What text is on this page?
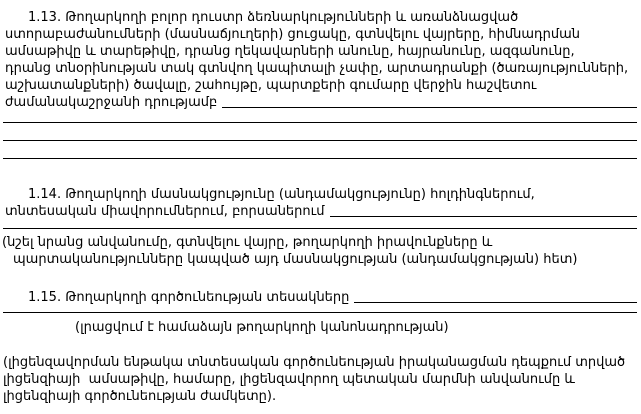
1.13. Թողարկողի բոլոր դուստր ձեռնարկությունների և առանձնացված
ստորաբաժանումների (մասնաճյուղերի) ցուցակը, գտնվելու վայրերը, հիմնադրման
ամսաթիվը և տարեթիվը, դրանց ղեկավարների անունը, հայրանունը, ազգանունը,
դրանց տնօրինության տակ գտնվող կապիտալի չափը, արտադրանքի (ծառայությունների,
աշխատանքների) ծավալը, շահույթը, պարտքերի գումարը վերջին հաշվետու
ժամանակաշրջանի դրությամբ
1.14. Թողարկողի մասնակցությունը (անդամակցությունը) հոլդինգներում,
տնտեսական միավորումներում, բորսաներում
(նշել նրանց անվանումը, գտնվելու վայրը, թողարկողի իրավունքները և
պարտականությունները կապված այդ մասնակցության (անդամակցության) հետ)
1.15. Թողարկողի գործունեության տեսակները
(լրացվում է համաձայն թողարկողի կանոնադրության)
(լիցենզավորման ենթակա տնտեսական գործունեության իրականացման դեպքում տրված
լիցենզիայի  ամսաթիվը, համարը, լիցենզավորող պետական մարմնի անվանումը և
լիցենզիայի գործունեության ժամկետը).
